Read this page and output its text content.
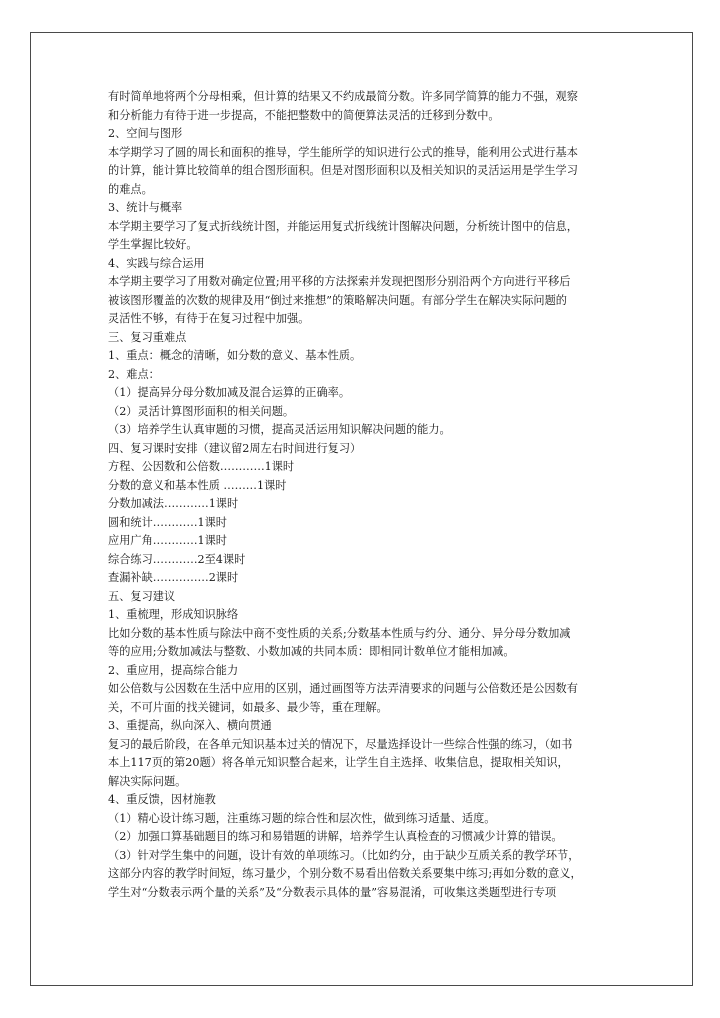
有时简单地将两个分母相乘，但计算的结果又不约成最简分数。许多同学简算的能力不强，观察
和分析能力有待于进一步提高，不能把整数中的简便算法灵活的迁移到分数中。
2、空间与图形
本学期学习了圆的周长和面积的推导，学生能所学的知识进行公式的推导，能利用公式进行基本
的计算，能计算比较简单的组合图形面积。但是对图形面积以及相关知识的灵活运用是学生学习
的难点。
3、统计与概率
本学期主要学习了复式折线统计图，并能运用复式折线统计图解决问题，分析统计图中的信息，
学生掌握比较好。
4、实践与综合运用
本学期主要学习了用数对确定位置;用平移的方法探索并发现把图形分别沿两个方向进行平移后
被该图形覆盖的次数的规律及用“倒过来推想”的策略解决问题。有部分学生在解决实际问题的
灵活性不够，有待于在复习过程中加强。
三、复习重难点
1、重点：概念的清晰，如分数的意义、基本性质。
2、难点：
（1）提高异分母分数加减及混合运算的正确率。
（2）灵活计算图形面积的相关问题。
（3）培养学生认真审题的习惯，提高灵活运用知识解决问题的能力。
四、复习课时安排（建议留2周左右时间进行复习）
方程、公因数和公倍数…………1课时
分数的意义和基本性质 ………1课时
分数加减法…………1课时
圆和统计…………1课时
应用广角…………1课时
综合练习…………2至4课时
查漏补缺……………2课时
五、复习建议
1、重梳理，形成知识脉络
比如分数的基本性质与除法中商不变性质的关系;分数基本性质与约分、通分、异分母分数加减
等的应用;分数加减法与整数、小数加减的共同本质：即相同计数单位才能相加减。
2、重应用，提高综合能力
如公倍数与公因数在生活中应用的区别，通过画图等方法弄清要求的问题与公倍数还是公因数有
关，不可片面的找关键词，如最多、最少等，重在理解。
3、重提高，纵向深入、横向贯通
复习的最后阶段，在各单元知识基本过关的情况下，尽量选择设计一些综合性强的练习，（如书
本上117页的第20题）将各单元知识整合起来，让学生自主选择、收集信息，提取相关知识，
解决实际问题。
4、重反馈，因材施教
（1）精心设计练习题，注重练习题的综合性和层次性，做到练习适量、适度。
（2）加强口算基础题目的练习和易错题的讲解，培养学生认真检查的习惯减少计算的错误。
（3）针对学生集中的问题，设计有效的单项练习。（比如约分，由于缺少互质关系的教学环节，
这部分内容的教学时间短，练习量少，个别分数不易看出倍数关系要集中练习;再如分数的意义，
学生对“分数表示两个量的关系”及“分数表示具体的量”容易混淆，可收集这类题型进行专项
